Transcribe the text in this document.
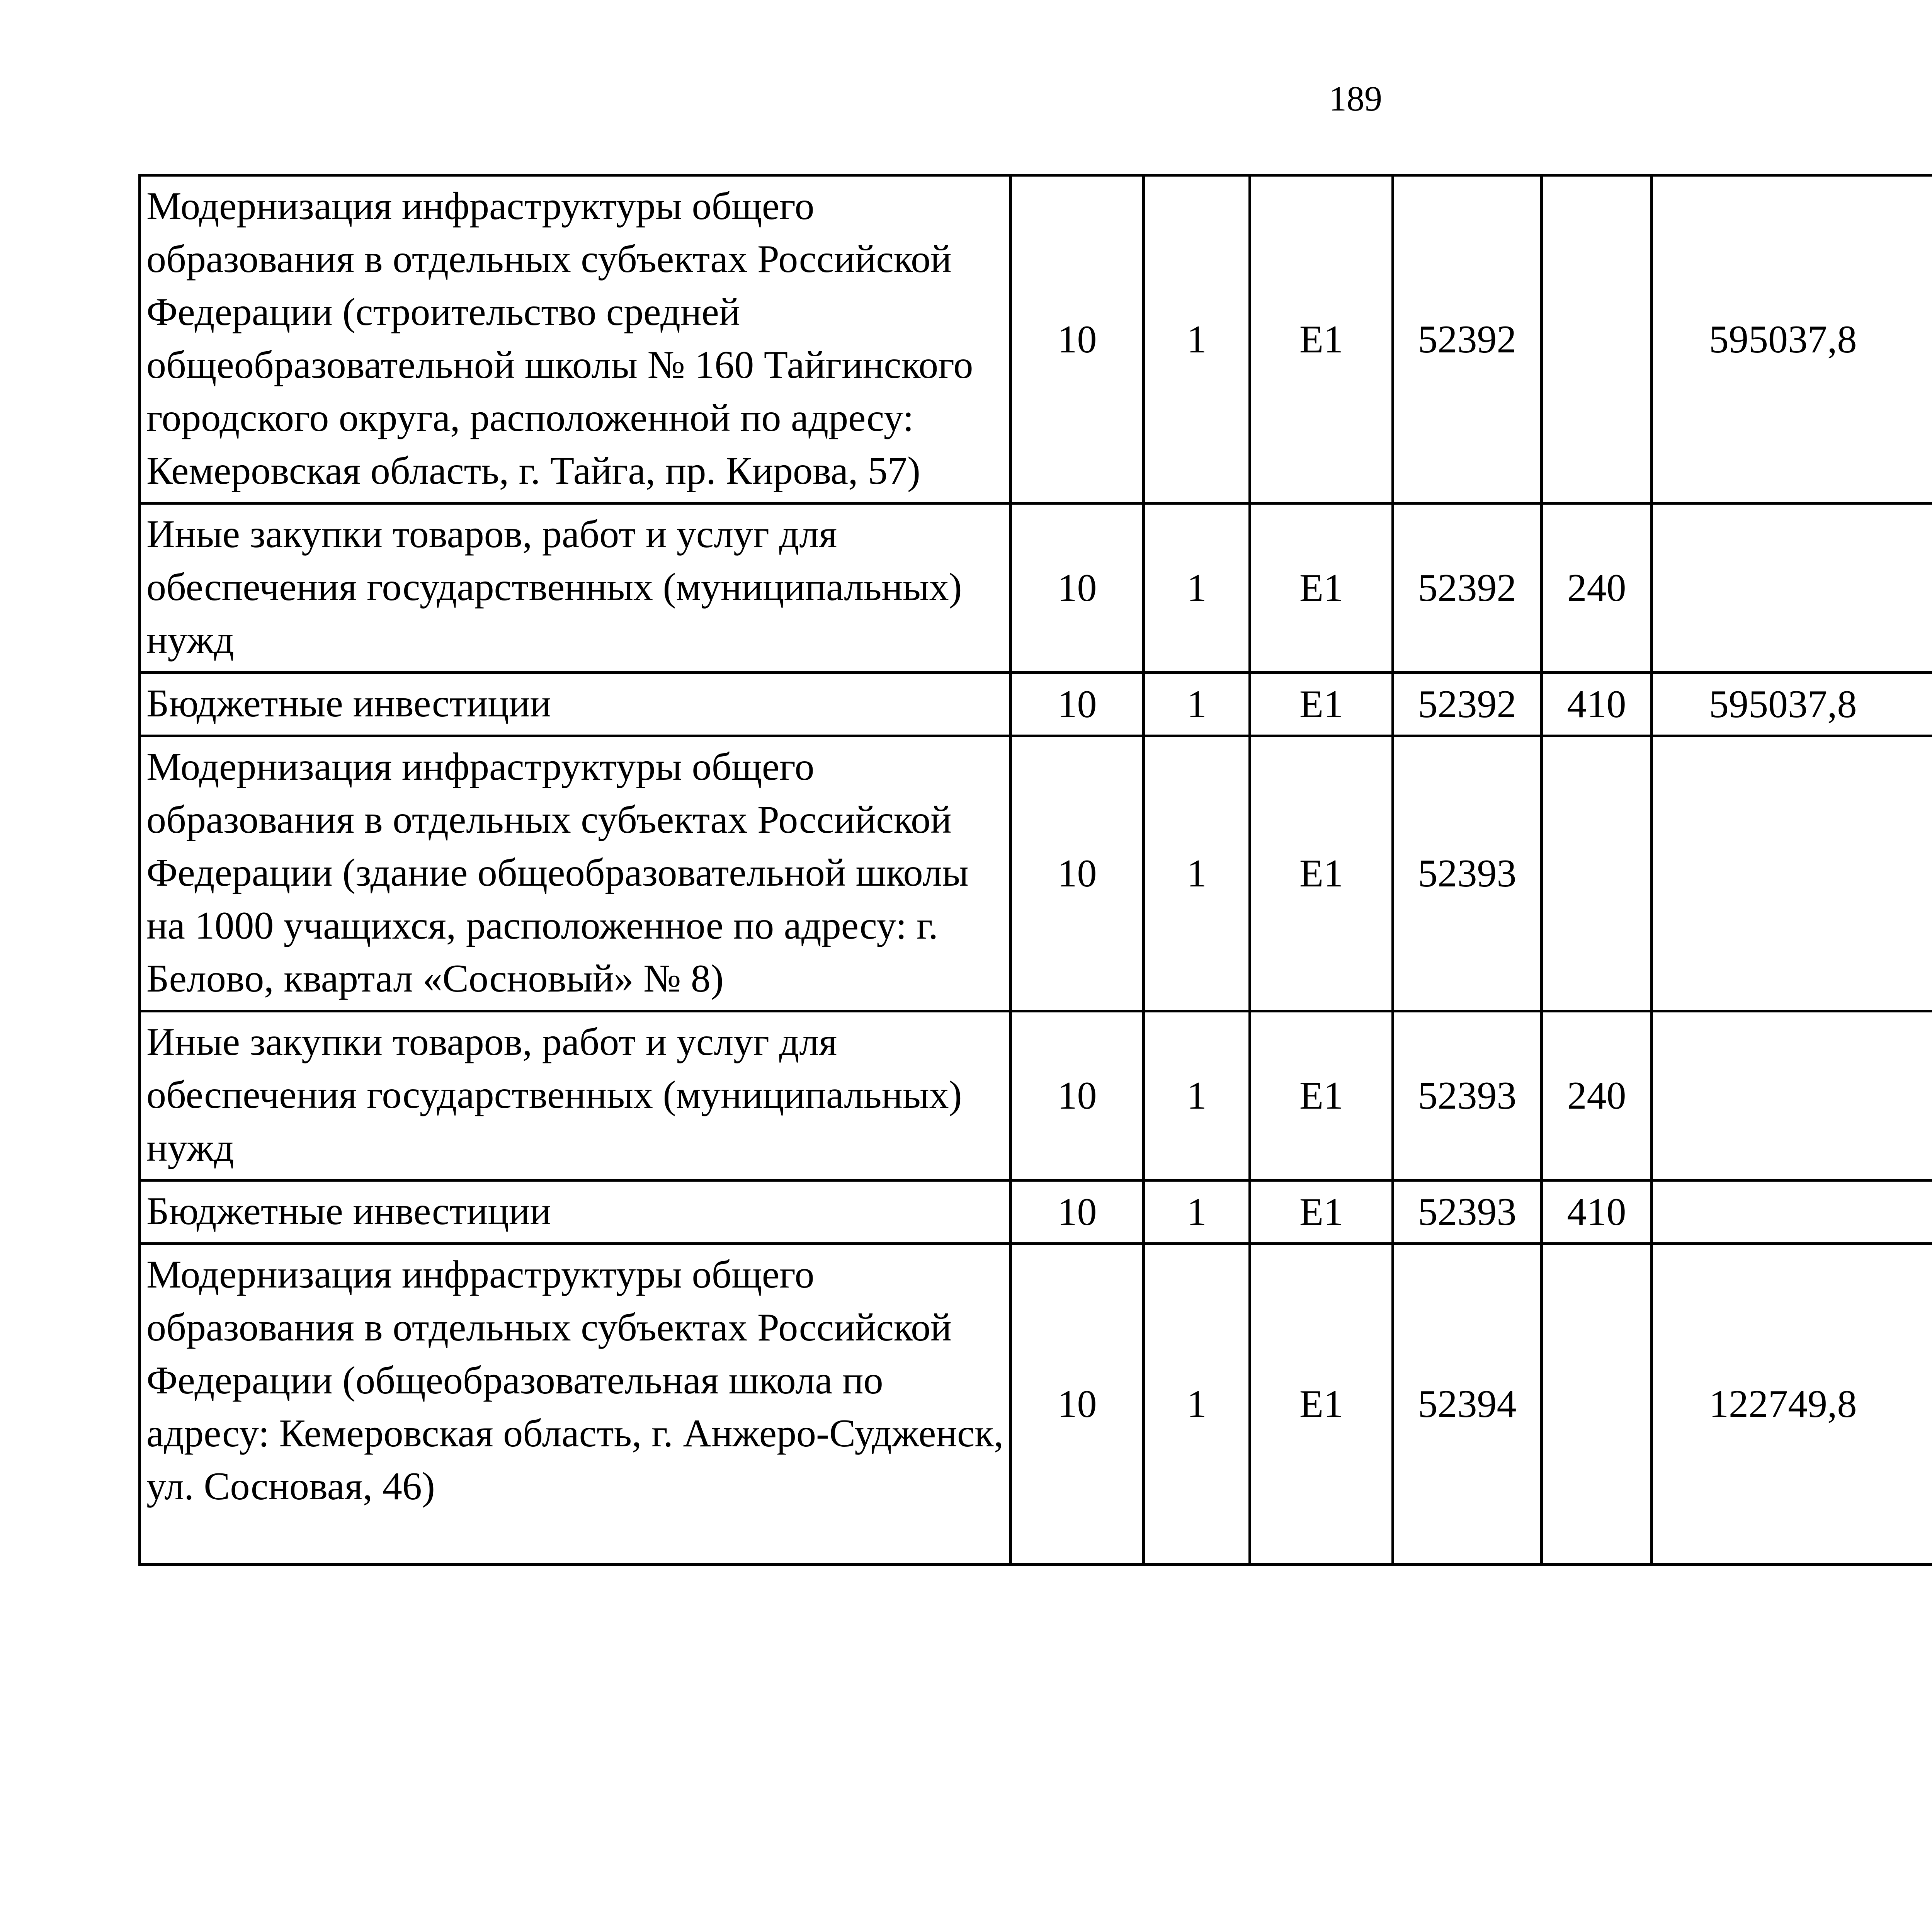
189
Модернизация инфраструктуры общего образования в отдельных субъектах Российской Федерации (строительство средней общеобразовательной школы № 160 Тайгинского городского округа, расположенной по адресу: Кемеровская область, г. Тайга, пр. Кирова, 57)	10	1	E1	52392		595037,8		
Иные закупки товаров, работ и услуг для обеспечения государственных (муниципальных) нужд	10	1	E1	52392	240			
Бюджетные инвестиции	10	1	E1	52392	410	595037,8		
Модернизация инфраструктуры общего образования в отдельных субъектах Российской Федерации (здание общеобразовательной школы на 1000 учащихся, расположенное по адресу: г. Белово, квартал «Сосновый» № 8)	10	1	E1	52393				
Иные закупки товаров, работ и услуг для обеспечения государственных (муниципальных) нужд	10	1	E1	52393	240			
Бюджетные инвестиции	10	1	E1	52393	410			
Модернизация инфраструктуры общего образования в отдельных субъектах Российской Федерации (общеобразовательная школа по адресу: Кемеровская область, г. Анжеро-Судженск, ул. Сосновая, 46)	10	1	E1	52394		122749,8		
